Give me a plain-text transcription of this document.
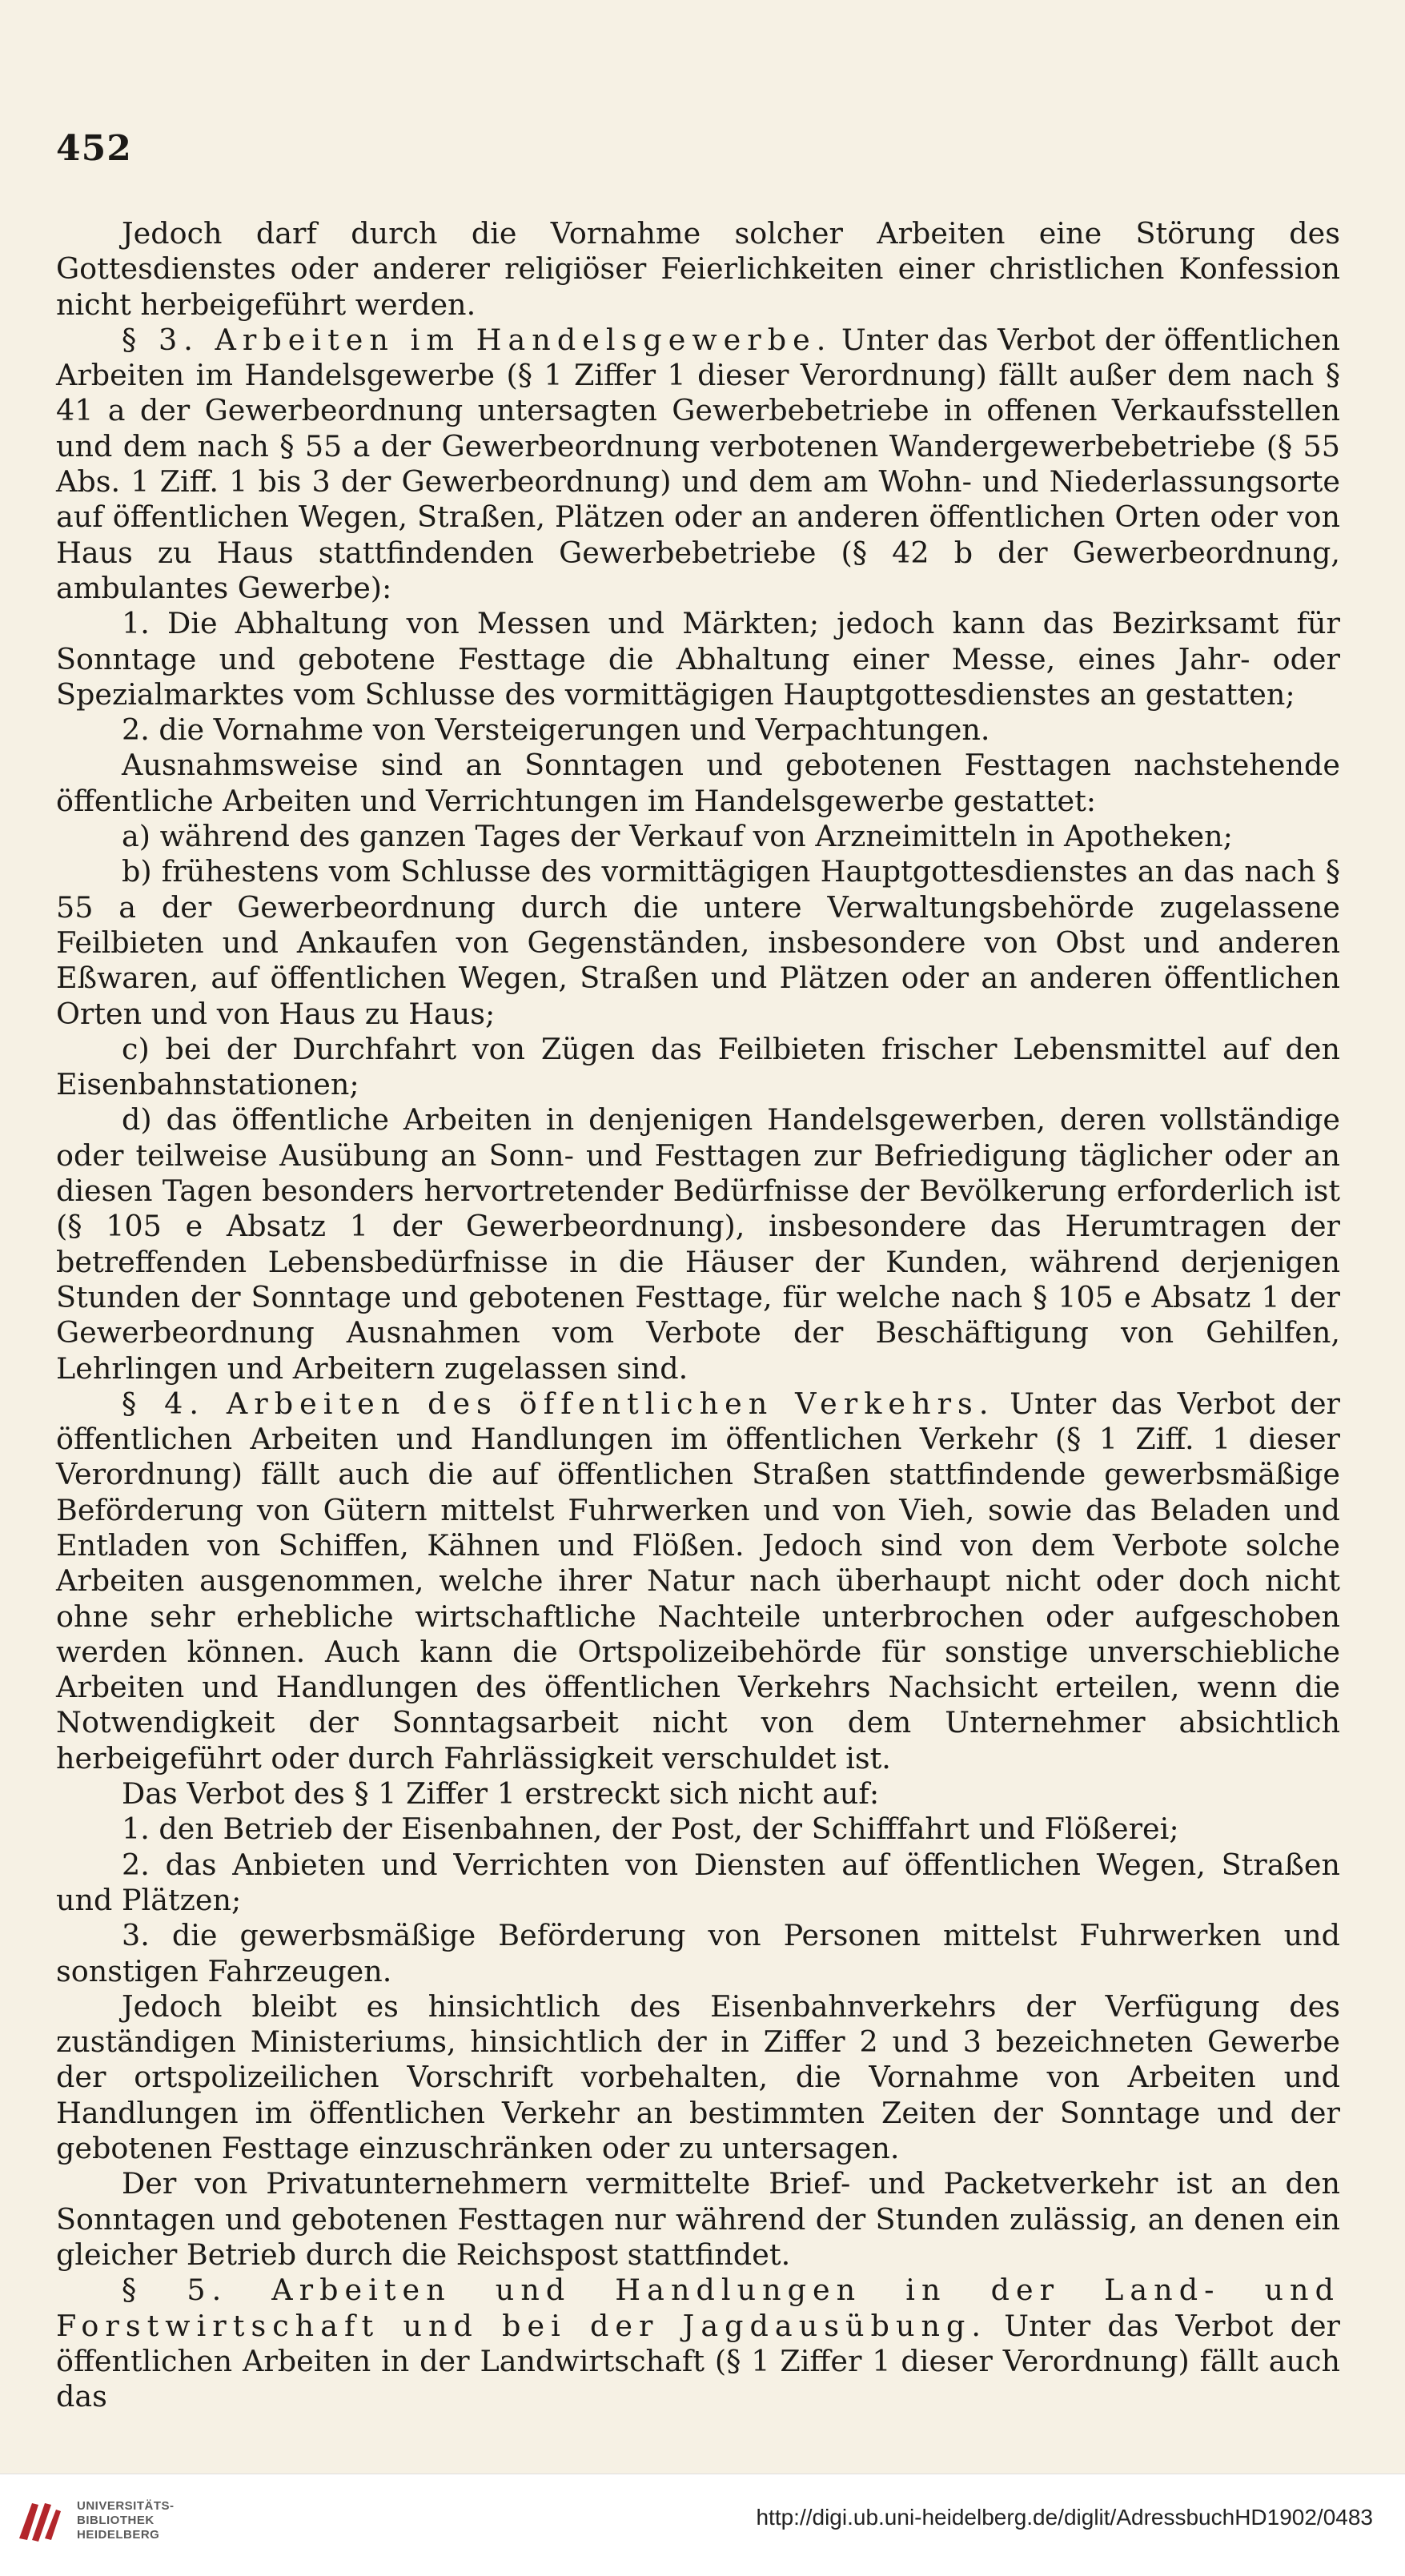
452

Jedoch darf durch die Vornahme solcher Arbeiten eine Störung des Gottesdienstes oder anderer religiöser Feierlichkeiten einer christlichen Konfession nicht herbeigeführt werden.

§ 3. Arbeiten im Handelsgewerbe. Unter das Verbot der öffentlichen Arbeiten im Handelsgewerbe (§ 1 Ziffer 1 dieser Verordnung) fällt außer dem nach § 41 a der Gewerbeordnung untersagten Gewerbebetriebe in offenen Verkaufsstellen und dem nach § 55 a der Gewerbeordnung verbotenen Wandergewerbebetriebe (§ 55 Abs. 1 Ziff. 1 bis 3 der Gewerbeordnung) und dem am Wohn- und Niederlassungsorte auf öffentlichen Wegen, Straßen, Plätzen oder an anderen öffentlichen Orten oder von Haus zu Haus stattfindenden Gewerbebetriebe (§ 42 b der Gewerbeordnung, ambulantes Gewerbe):

1. Die Abhaltung von Messen und Märkten; jedoch kann das Bezirksamt für Sonntage und gebotene Festtage die Abhaltung einer Messe, eines Jahr- oder Spezialmarktes vom Schlusse des vormittägigen Hauptgottesdienstes an gestatten;

2. die Vornahme von Versteigerungen und Verpachtungen.

Ausnahmsweise sind an Sonntagen und gebotenen Festtagen nachstehende öffentliche Arbeiten und Verrichtungen im Handelsgewerbe gestattet:

a) während des ganzen Tages der Verkauf von Arzneimitteln in Apotheken;

b) frühestens vom Schlusse des vormittägigen Hauptgottesdienstes an das nach § 55 a der Gewerbeordnung durch die untere Verwaltungsbehörde zugelassene Feilbieten und Ankaufen von Gegenständen, insbesondere von Obst und anderen Eßwaren, auf öffentlichen Wegen, Straßen und Plätzen oder an anderen öffentlichen Orten und von Haus zu Haus;

c) bei der Durchfahrt von Zügen das Feilbieten frischer Lebensmittel auf den Eisenbahnstationen;

d) das öffentliche Arbeiten in denjenigen Handelsgewerben, deren vollständige oder teilweise Ausübung an Sonn- und Festtagen zur Befriedigung täglicher oder an diesen Tagen besonders hervortretender Bedürfnisse der Bevölkerung erforderlich ist (§ 105 e Absatz 1 der Gewerbeordnung), insbesondere das Herumtragen der betreffenden Lebensbedürfnisse in die Häuser der Kunden, während derjenigen Stunden der Sonntage und gebotenen Festtage, für welche nach § 105 e Absatz 1 der Gewerbeordnung Ausnahmen vom Verbote der Beschäftigung von Gehilfen, Lehrlingen und Arbeitern zugelassen sind.

§ 4. Arbeiten des öffentlichen Verkehrs. Unter das Verbot der öffentlichen Arbeiten und Handlungen im öffentlichen Verkehr (§ 1 Ziff. 1 dieser Verordnung) fällt auch die auf öffentlichen Straßen stattfindende gewerbsmäßige Beförderung von Gütern mittelst Fuhrwerken und von Vieh, sowie das Beladen und Entladen von Schiffen, Kähnen und Flößen. Jedoch sind von dem Verbote solche Arbeiten ausgenommen, welche ihrer Natur nach überhaupt nicht oder doch nicht ohne sehr erhebliche wirtschaftliche Nachteile unterbrochen oder aufgeschoben werden können. Auch kann die Ortspolizeibehörde für sonstige unverschiebliche Arbeiten und Handlungen des öffentlichen Verkehrs Nachsicht erteilen, wenn die Notwendigkeit der Sonntagsarbeit nicht von dem Unternehmer absichtlich herbeigeführt oder durch Fahrlässigkeit verschuldet ist.

Das Verbot des § 1 Ziffer 1 erstreckt sich nicht auf:

1. den Betrieb der Eisenbahnen, der Post, der Schifffahrt und Flößerei;

2. das Anbieten und Verrichten von Diensten auf öffentlichen Wegen, Straßen und Plätzen;

3. die gewerbsmäßige Beförderung von Personen mittelst Fuhrwerken und sonstigen Fahrzeugen.

Jedoch bleibt es hinsichtlich des Eisenbahnverkehrs der Verfügung des zuständigen Ministeriums, hinsichtlich der in Ziffer 2 und 3 bezeichneten Gewerbe der ortspolizeilichen Vorschrift vorbehalten, die Vornahme von Arbeiten und Handlungen im öffentlichen Verkehr an bestimmten Zeiten der Sonntage und der gebotenen Festtage einzuschränken oder zu untersagen.

Der von Privatunternehmern vermittelte Brief- und Packetverkehr ist an den Sonntagen und gebotenen Festtagen nur während der Stunden zulässig, an denen ein gleicher Betrieb durch die Reichspost stattfindet.

§ 5. Arbeiten und Handlungen in der Land- und Forstwirtschaft und bei der Jagdausübung. Unter das Verbot der öffentlichen Arbeiten in der Landwirtschaft (§ 1 Ziffer 1 dieser Verordnung) fällt auch das

UNIVERSITÄTS-
BIBLIOTHEK
HEIDELBERG
http://digi.ub.uni-heidelberg.de/diglit/AdressbuchHD1902/0483
